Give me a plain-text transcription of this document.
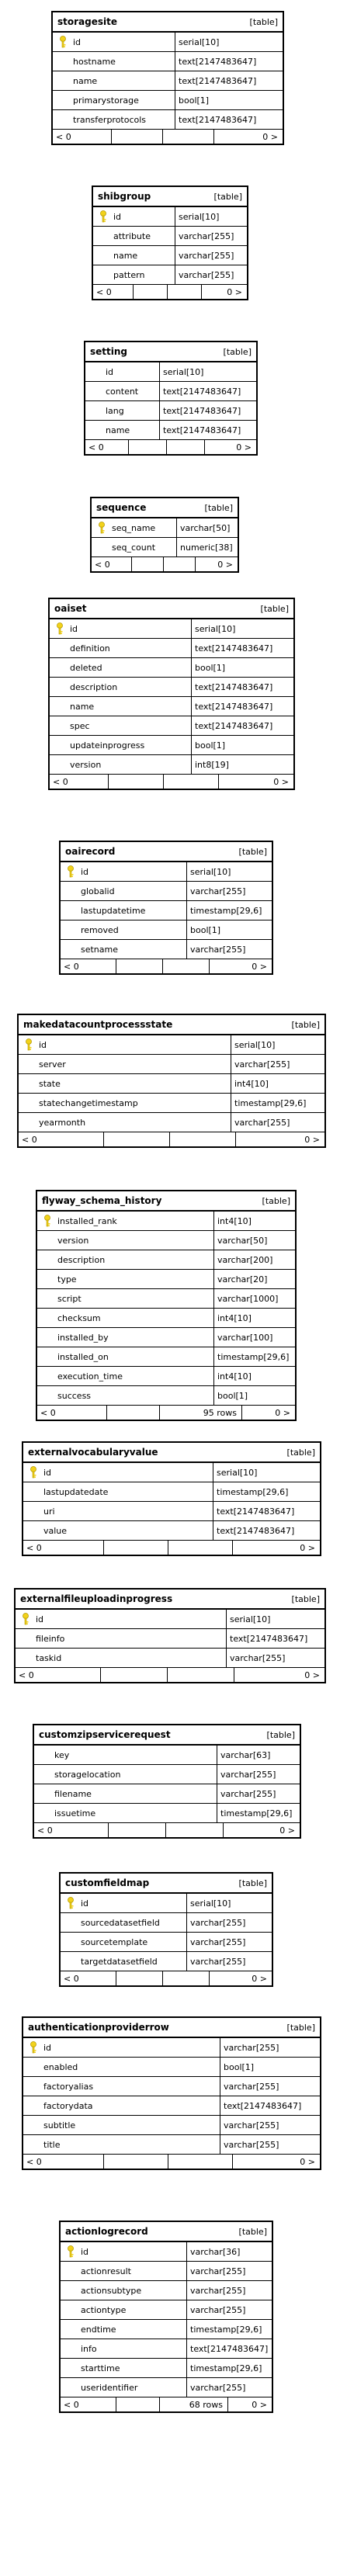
storagesite	[table]
id	serial[10]
hostname	text[2147483647]
name	text[2147483647]
primarystorage	bool[1]
transferprotocols	text[2147483647]
< 0	0 >
shibgroup	[table]
id	serial[10]
attribute	varchar[255]
name	varchar[255]
pattern	varchar[255]
< 0	0 >
setting	[table]
id	serial[10]
content	text[2147483647]
lang	text[2147483647]
name	text[2147483647]
< 0	0 >
sequence	[table]
seq_name	varchar[50]
seq_count	numeric[38]
< 0	0 >
oaiset	[table]
id	serial[10]
definition	text[2147483647]
deleted	bool[1]
description	text[2147483647]
name	text[2147483647]
spec	text[2147483647]
updateinprogress	bool[1]
version	int8[19]
< 0	0 >
oairecord	[table]
id	serial[10]
globalid	varchar[255]
lastupdatetime	timestamp[29,6]
removed	bool[1]
setname	varchar[255]
< 0	0 >
makedatacountprocessstate	[table]
id	serial[10]
server	varchar[255]
state	int4[10]
statechangetimestamp	timestamp[29,6]
yearmonth	varchar[255]
< 0	0 >
flyway_schema_history	[table]
installed_rank	int4[10]
version	varchar[50]
description	varchar[200]
type	varchar[20]
script	varchar[1000]
checksum	int4[10]
installed_by	varchar[100]
installed_on	timestamp[29,6]
execution_time	int4[10]
success	bool[1]
< 0	95 rows	0 >
externalvocabularyvalue	[table]
id	serial[10]
lastupdatedate	timestamp[29,6]
uri	text[2147483647]
value	text[2147483647]
< 0	0 >
externalfileuploadinprogress	[table]
id	serial[10]
fileinfo	text[2147483647]
taskid	varchar[255]
< 0	0 >
customzipservicerequest	[table]
key	varchar[63]
storagelocation	varchar[255]
filename	varchar[255]
issuetime	timestamp[29,6]
< 0	0 >
customfieldmap	[table]
id	serial[10]
sourcedatasetfield	varchar[255]
sourcetemplate	varchar[255]
targetdatasetfield	varchar[255]
< 0	0 >
authenticationproviderrow	[table]
id	varchar[255]
enabled	bool[1]
factoryalias	varchar[255]
factorydata	text[2147483647]
subtitle	varchar[255]
title	varchar[255]
< 0	0 >
actionlogrecord	[table]
id	varchar[36]
actionresult	varchar[255]
actionsubtype	varchar[255]
actiontype	varchar[255]
endtime	timestamp[29,6]
info	text[2147483647]
starttime	timestamp[29,6]
useridentifier	varchar[255]
< 0	68 rows	0 >
